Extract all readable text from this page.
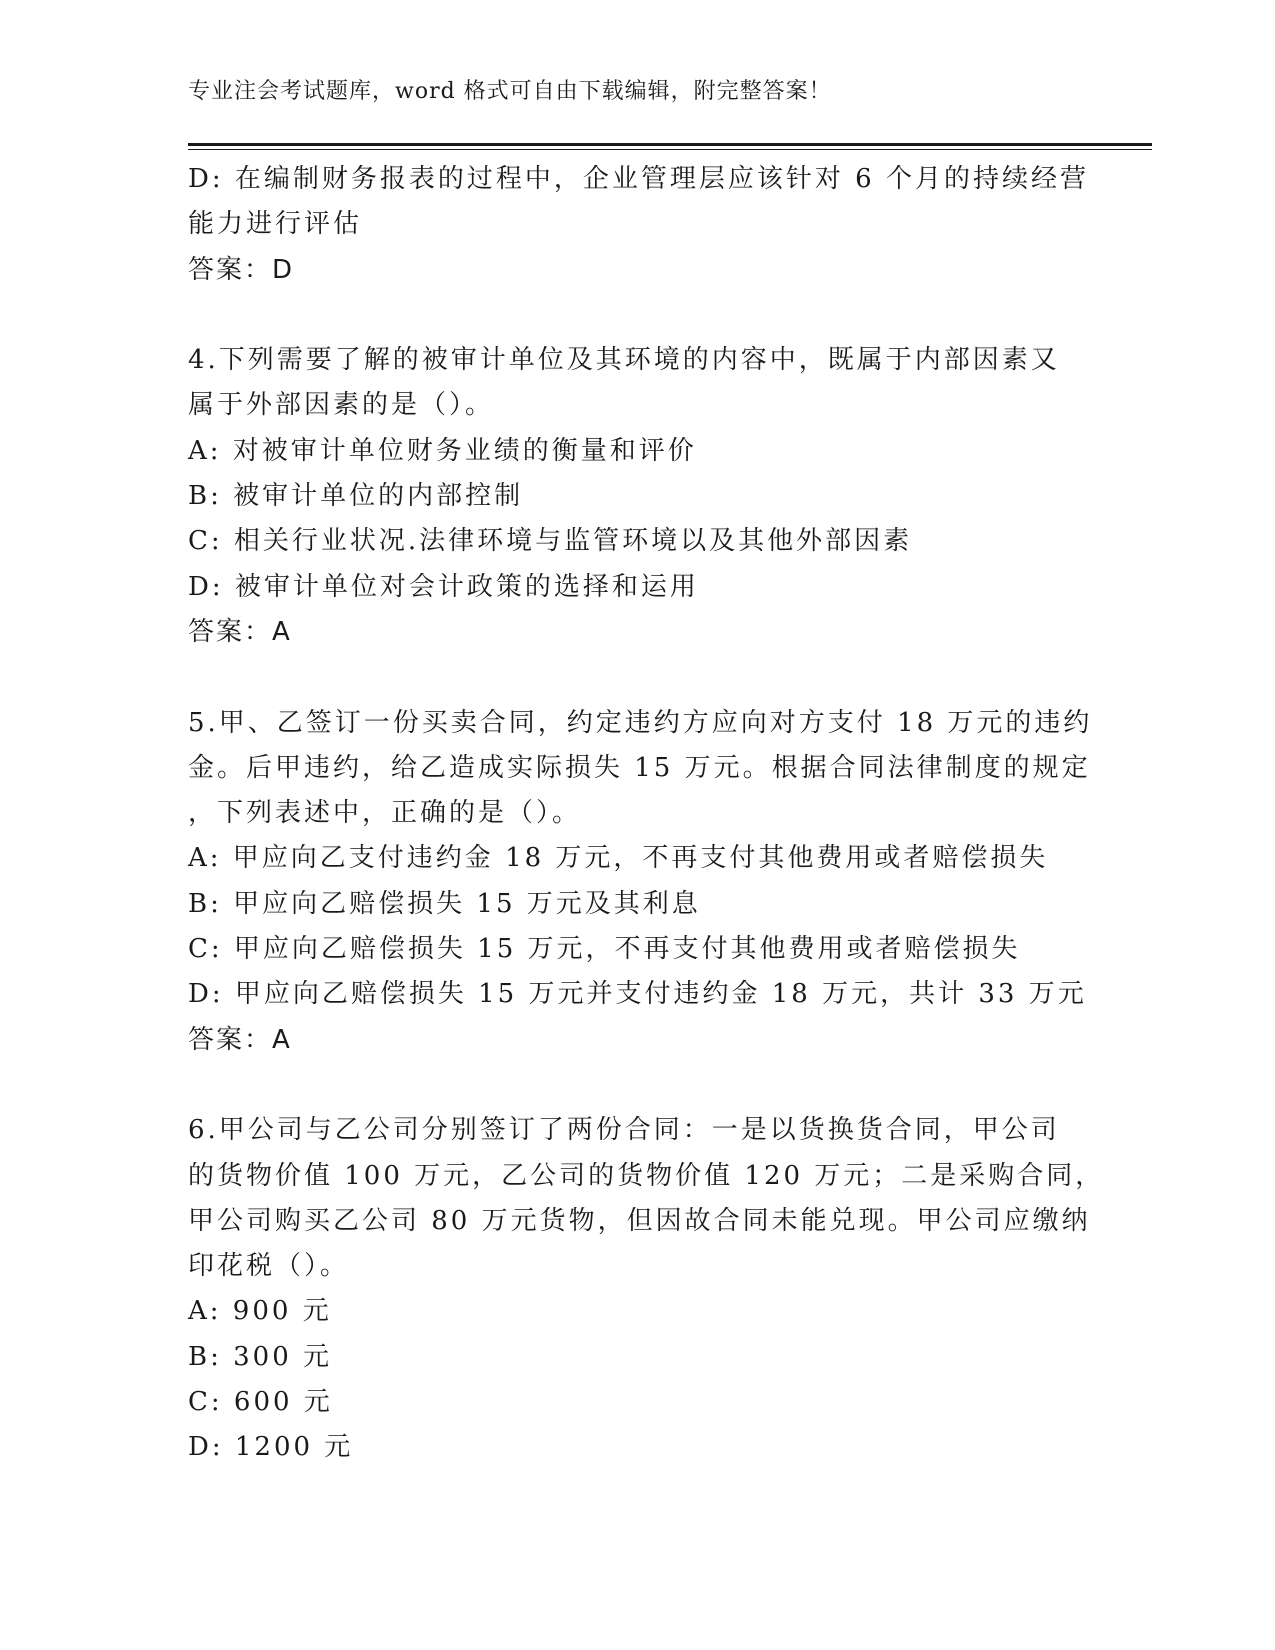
专业注会考试题库，word 格式可自由下载编辑，附完整答案！
D: 在编制财务报表的过程中，企业管理层应该针对 6 个月的持续经营
能力进行评估
答案：D
4.下列需要了解的被审计单位及其环境的内容中，既属于内部因素又
属于外部因素的是（）。
A: 对被审计单位财务业绩的衡量和评价
B: 被审计单位的内部控制
C: 相关行业状况.法律环境与监管环境以及其他外部因素
D: 被审计单位对会计政策的选择和运用
答案：A
5.甲、乙签订一份买卖合同，约定违约方应向对方支付 18 万元的违约
金。后甲违约，给乙造成实际损失 15 万元。根据合同法律制度的规定
，下列表述中，正确的是（）。
A: 甲应向乙支付违约金 18 万元，不再支付其他费用或者赔偿损失
B: 甲应向乙赔偿损失 15 万元及其利息
C: 甲应向乙赔偿损失 15 万元，不再支付其他费用或者赔偿损失
D: 甲应向乙赔偿损失 15 万元并支付违约金 18 万元，共计 33 万元
答案：A
6.甲公司与乙公司分别签订了两份合同：一是以货换货合同，甲公司
的货物价值 100 万元，乙公司的货物价值 120 万元；二是采购合同，
甲公司购买乙公司 80 万元货物，但因故合同未能兑现。甲公司应缴纳
印花税（）。
A: 900 元
B: 300 元
C: 600 元
D: 1200 元
